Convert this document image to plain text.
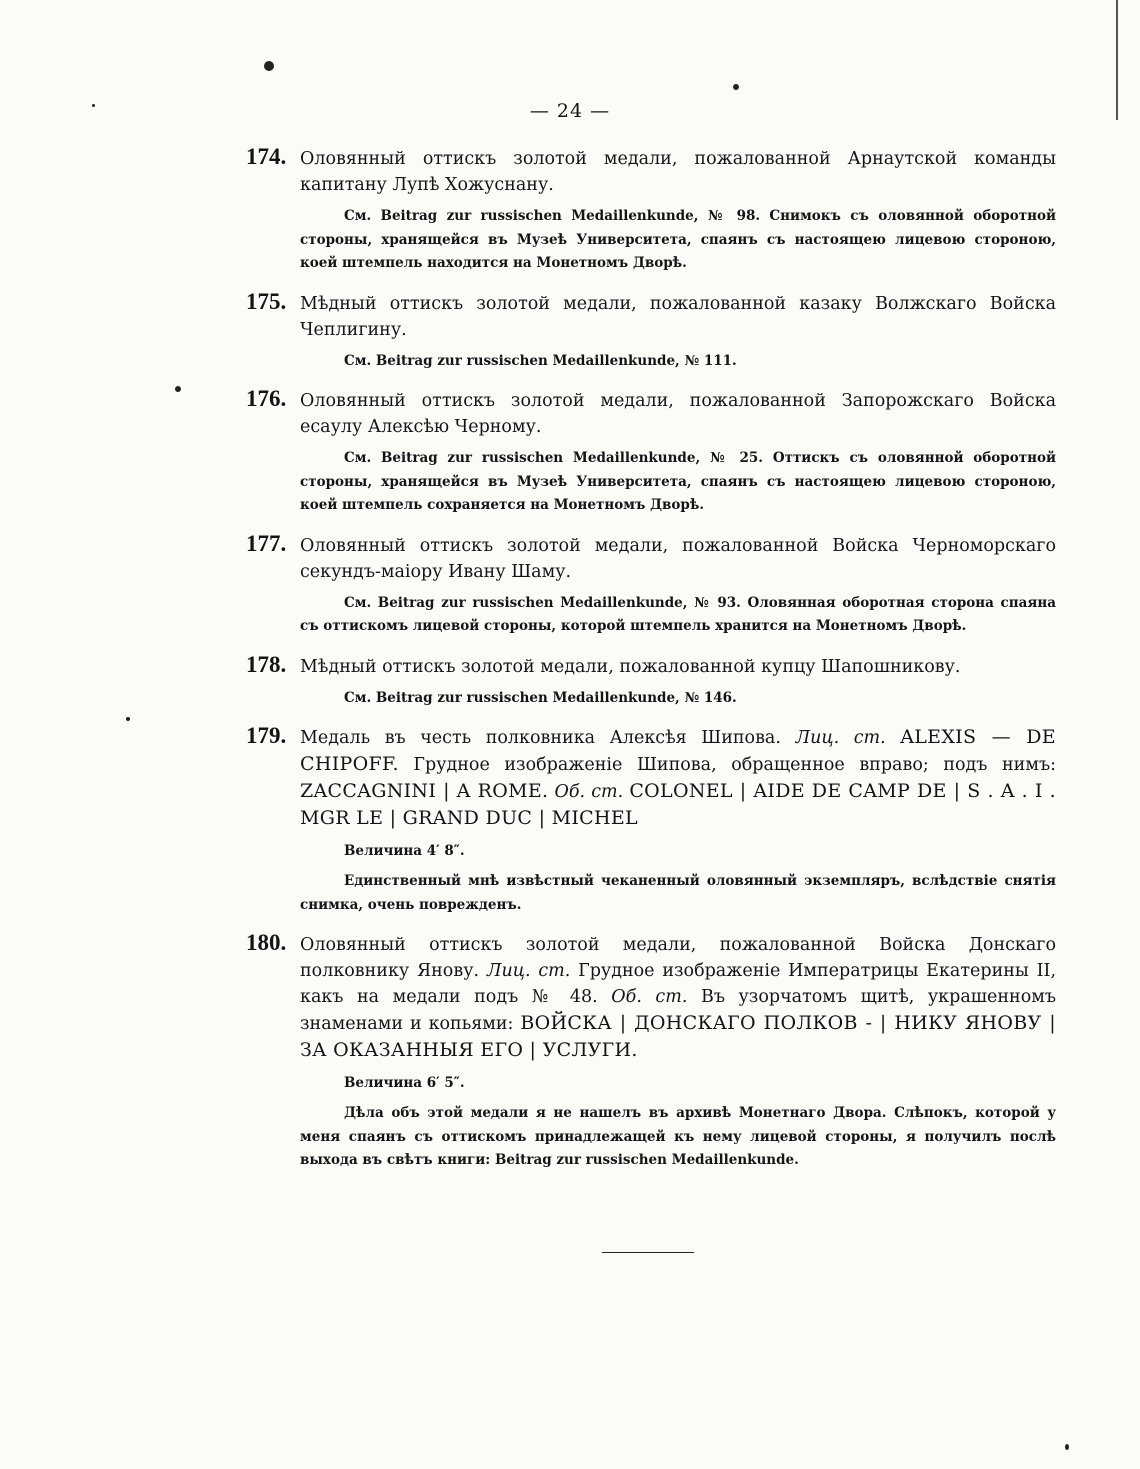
— 24 —
174. Оловянный оттискъ золотой медали, пожалованной Арнаутской команды капитану Лупѣ Хожуснану.
См. Beitrag zur russischen Medaillenkunde, № 98. Снимокъ съ оловянной оборотной стороны, хранящейся въ Музеѣ Университета, спаянъ съ настоящею лицевою стороною, коей штемпель находится на Монетномъ Дворѣ.
175. Мѣдный оттискъ золотой медали, пожалованной казаку Волжскаго Войска Чеплигину.
См. Beitrag zur russischen Medaillenkunde, № 111.
176. Оловянный оттискъ золотой медали, пожалованной Запорожскаго Войска есаулу Алексѣю Черному.
См. Beitrag zur russischen Medaillenkunde, № 25. Оттискъ съ оловянной оборотной стороны, хранящейся въ Музеѣ Университета, спаянъ съ настоящею лицевою стороною, коей штемпель сохраняется на Монетномъ Дворѣ.
177. Оловянный оттискъ золотой медали, пожалованной Войска Черноморскаго секундъ-маіору Ивану Шаму.
См. Beitrag zur russischen Medaillenkunde, № 93. Оловянная оборотная сторона спаяна съ оттискомъ лицевой стороны, которой штемпель хранится на Монетномъ Дворѣ.
178. Мѣдный оттискъ золотой медали, пожалованной купцу Шапошникову.
См. Beitrag zur russischen Medaillenkunde, № 146.
179. Медаль въ честь полковника Алексѣя Шипова. Лиц. ст. ALEXIS — DE CHIPOFF. Грудное изображеніе Шипова, обращенное вправо; подъ нимъ: ZACCAGNINI | A ROME. Об. ст. COLONEL | AIDE DE CAMP DE | S . A . I . MGR LE | GRAND DUC | MICHEL
Величина 4′ 8″.
Единственный мнѣ извѣстный чеканенный оловянный экземпляръ, вслѣдствіе снятія снимка, очень поврежденъ.
180. Оловянный оттискъ золотой медали, пожалованной Войска Донскаго полковнику Янову. Лиц. ст. Грудное изображеніе Императрицы Екатерины II, какъ на медали подъ № 48. Об. ст. Въ узорчатомъ щитѣ, украшенномъ знаменами и копьями: ВОЙСКА | ДОНСКАГО ПОЛКОВ - | НИКУ ЯНОВУ | ЗА ОКАЗАННЫЯ ЕГО | УСЛУГИ.
Величина 6′ 5″.
Дѣла объ этой медали я не нашелъ въ архивѣ Монетнаго Двора. Слѣпокъ, которой у меня спаянъ съ оттискомъ принадлежащей къ нему лицевой стороны, я получилъ послѣ выхода въ свѣтъ книги: Beitrag zur russischen Medaillenkunde.
